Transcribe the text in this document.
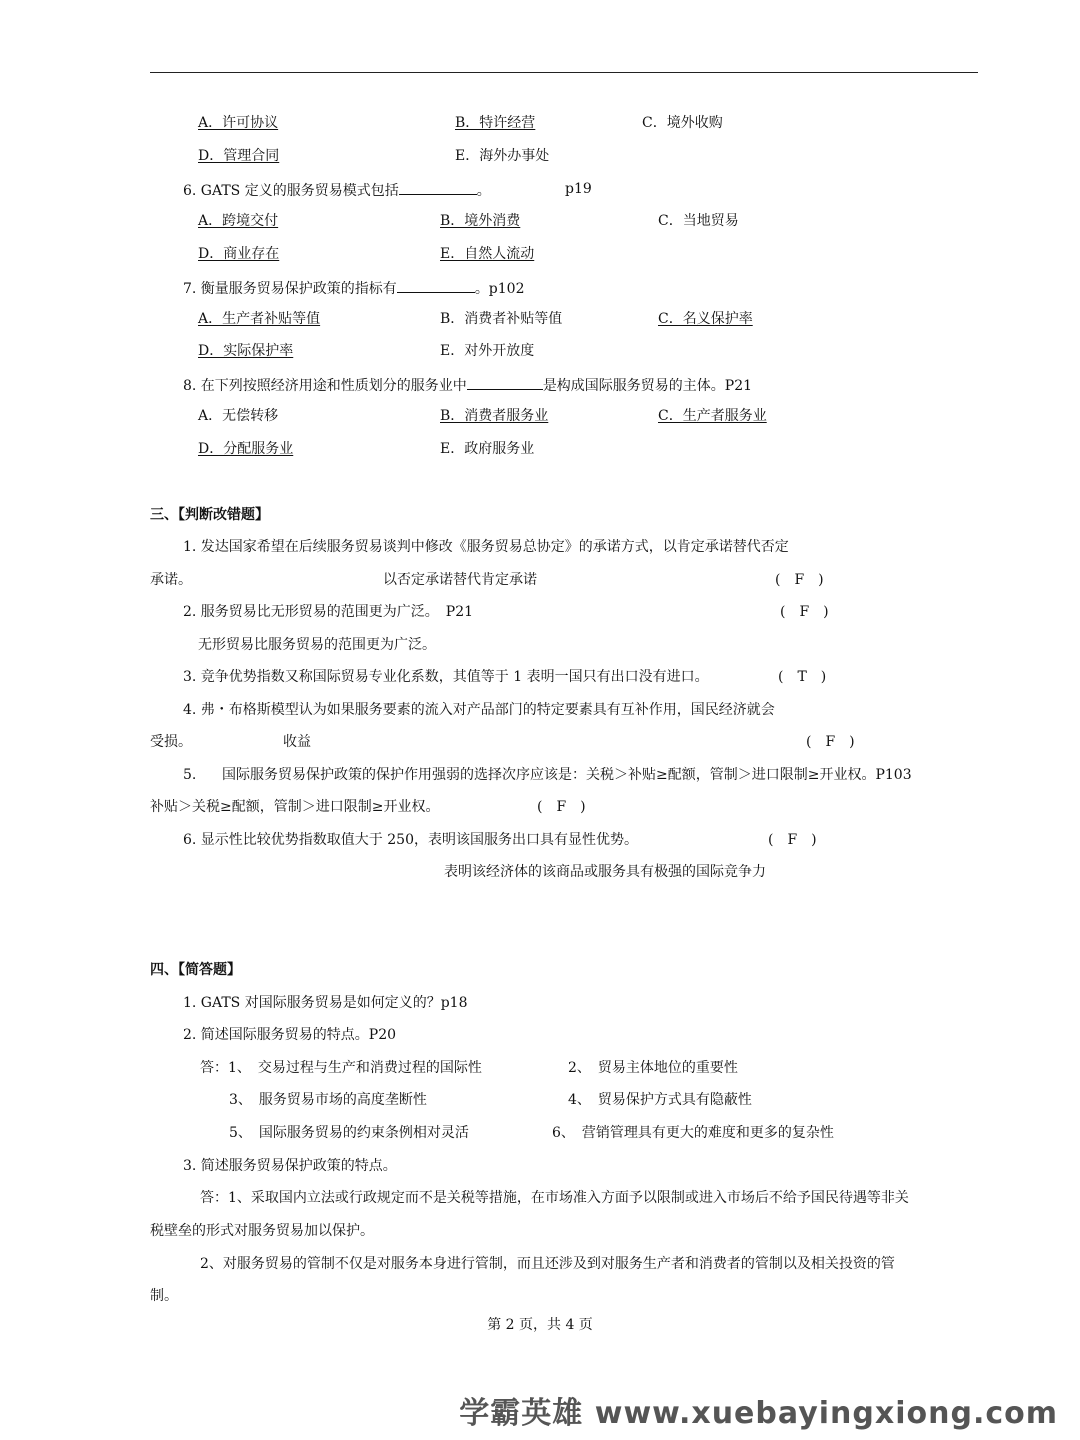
A．许可协议	B．特许经营	C．境外收购
D．管理合同	E．海外办事处
6. GATS 定义的服务贸易模式包括	。	p19
A．跨境交付	B．境外消费	C．当地贸易
D．商业存在	E．自然人流动
7. 衡量服务贸易保护政策的指标有	。p102
A．生产者补贴等值	B．消费者补贴等值	C．名义保护率
D．实际保护率	E．对外开放度
8. 在下列按照经济用途和性质划分的服务业中	是构成国际服务贸易的主体。P21
A．无偿转移	B．消费者服务业	C．生产者服务业
D．分配服务业	E．政府服务业
三、【判断改错题】
1. 发达国家希望在后续服务贸易谈判中修改《服务贸易总协定》的承诺方式，以肯定承诺替代否定
承诺。	以否定承诺替代肯定承诺	(　F　)
2. 服务贸易比无形贸易的范围更为广泛。　P21	(　F　)
无形贸易比服务贸易的范围更为广泛。
3. 竞争优势指数又称国际贸易专业化系数，其值等于 1 表明一国只有出口没有进口。	(　T　)
4. 弗・布格斯模型认为如果服务要素的流入对产品部门的特定要素具有互补作用，国民经济就会
受损。	收益	(　F　)
5. 国际服务贸易保护政策的保护作用强弱的选择次序应该是：关税＞补贴≥配额，管制＞进口限制≥开业权。P103
补贴＞关税≥配额，管制＞进口限制≥开业权。	(　F　)
6. 显示性比较优势指数取值大于 250，表明该国服务出口具有显性优势。	(　F　)
表明该经济体的该商品或服务具有极强的国际竞争力
四、【简答题】
1. GATS 对国际服务贸易是如何定义的？p18
2. 简述国际服务贸易的特点。P20
答：1、　交易过程与生产和消费过程的国际性	2、　贸易主体地位的重要性
3、　服务贸易市场的高度垄断性	4、　贸易保护方式具有隐蔽性
5、　国际服务贸易的约束条例相对灵活	6、　营销管理具有更大的难度和更多的复杂性
3. 简述服务贸易保护政策的特点。
答：1、采取国内立法或行政规定而不是关税等措施，在市场准入方面予以限制或进入市场后不给予国民待遇等非关
税壁垒的形式对服务贸易加以保护。
2、对服务贸易的管制不仅是对服务本身进行管制，而且还涉及到对服务生产者和消费者的管制以及相关投资的管
制。
第 2 页，共 4 页
学霸英雄 www.xuebayingxiong.com
